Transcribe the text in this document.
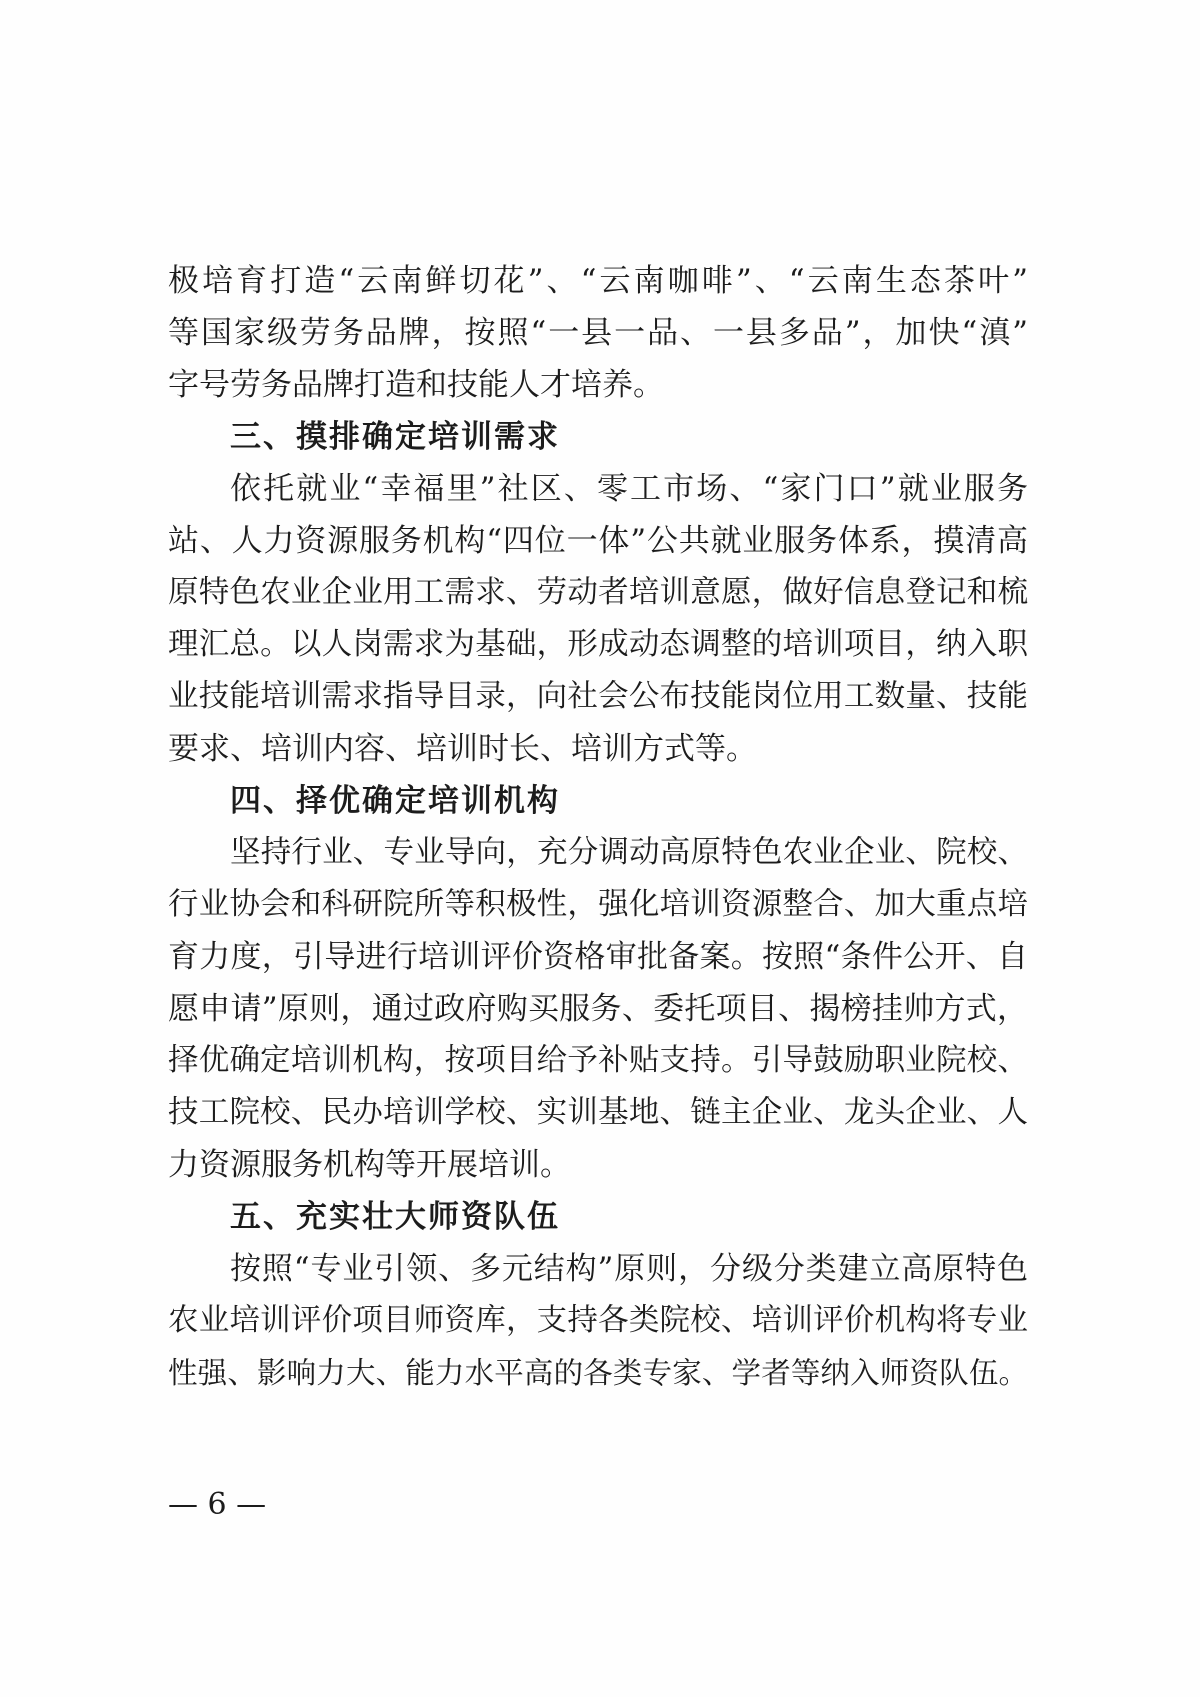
极培育打造“云南鲜切花”、“云南咖啡”、“云南生态茶叶”
等国家级劳务品牌，按照“一县一品、一县多品”，加快“滇”
字号劳务品牌打造和技能人才培养。
三、摸排确定培训需求
依托就业“幸福里”社区、零工市场、“家门口”就业服务
站、人力资源服务机构“四位一体”公共就业服务体系，摸清高
原特色农业企业用工需求、劳动者培训意愿，做好信息登记和梳
理汇总。以人岗需求为基础，形成动态调整的培训项目，纳入职
业技能培训需求指导目录，向社会公布技能岗位用工数量、技能
要求、培训内容、培训时长、培训方式等。
四、择优确定培训机构
坚持行业、专业导向，充分调动高原特色农业企业、院校、
行业协会和科研院所等积极性，强化培训资源整合、加大重点培
育力度，引导进行培训评价资格审批备案。按照“条件公开、自
愿申请”原则，通过政府购买服务、委托项目、揭榜挂帅方式，
择优确定培训机构，按项目给予补贴支持。引导鼓励职业院校、
技工院校、民办培训学校、实训基地、链主企业、龙头企业、人
力资源服务机构等开展培训。
五、充实壮大师资队伍
按照“专业引领、多元结构”原则，分级分类建立高原特色
农业培训评价项目师资库，支持各类院校、培训评价机构将专业
性强、影响力大、能力水平高的各类专家、学者等纳入师资队伍。
— 6 —
